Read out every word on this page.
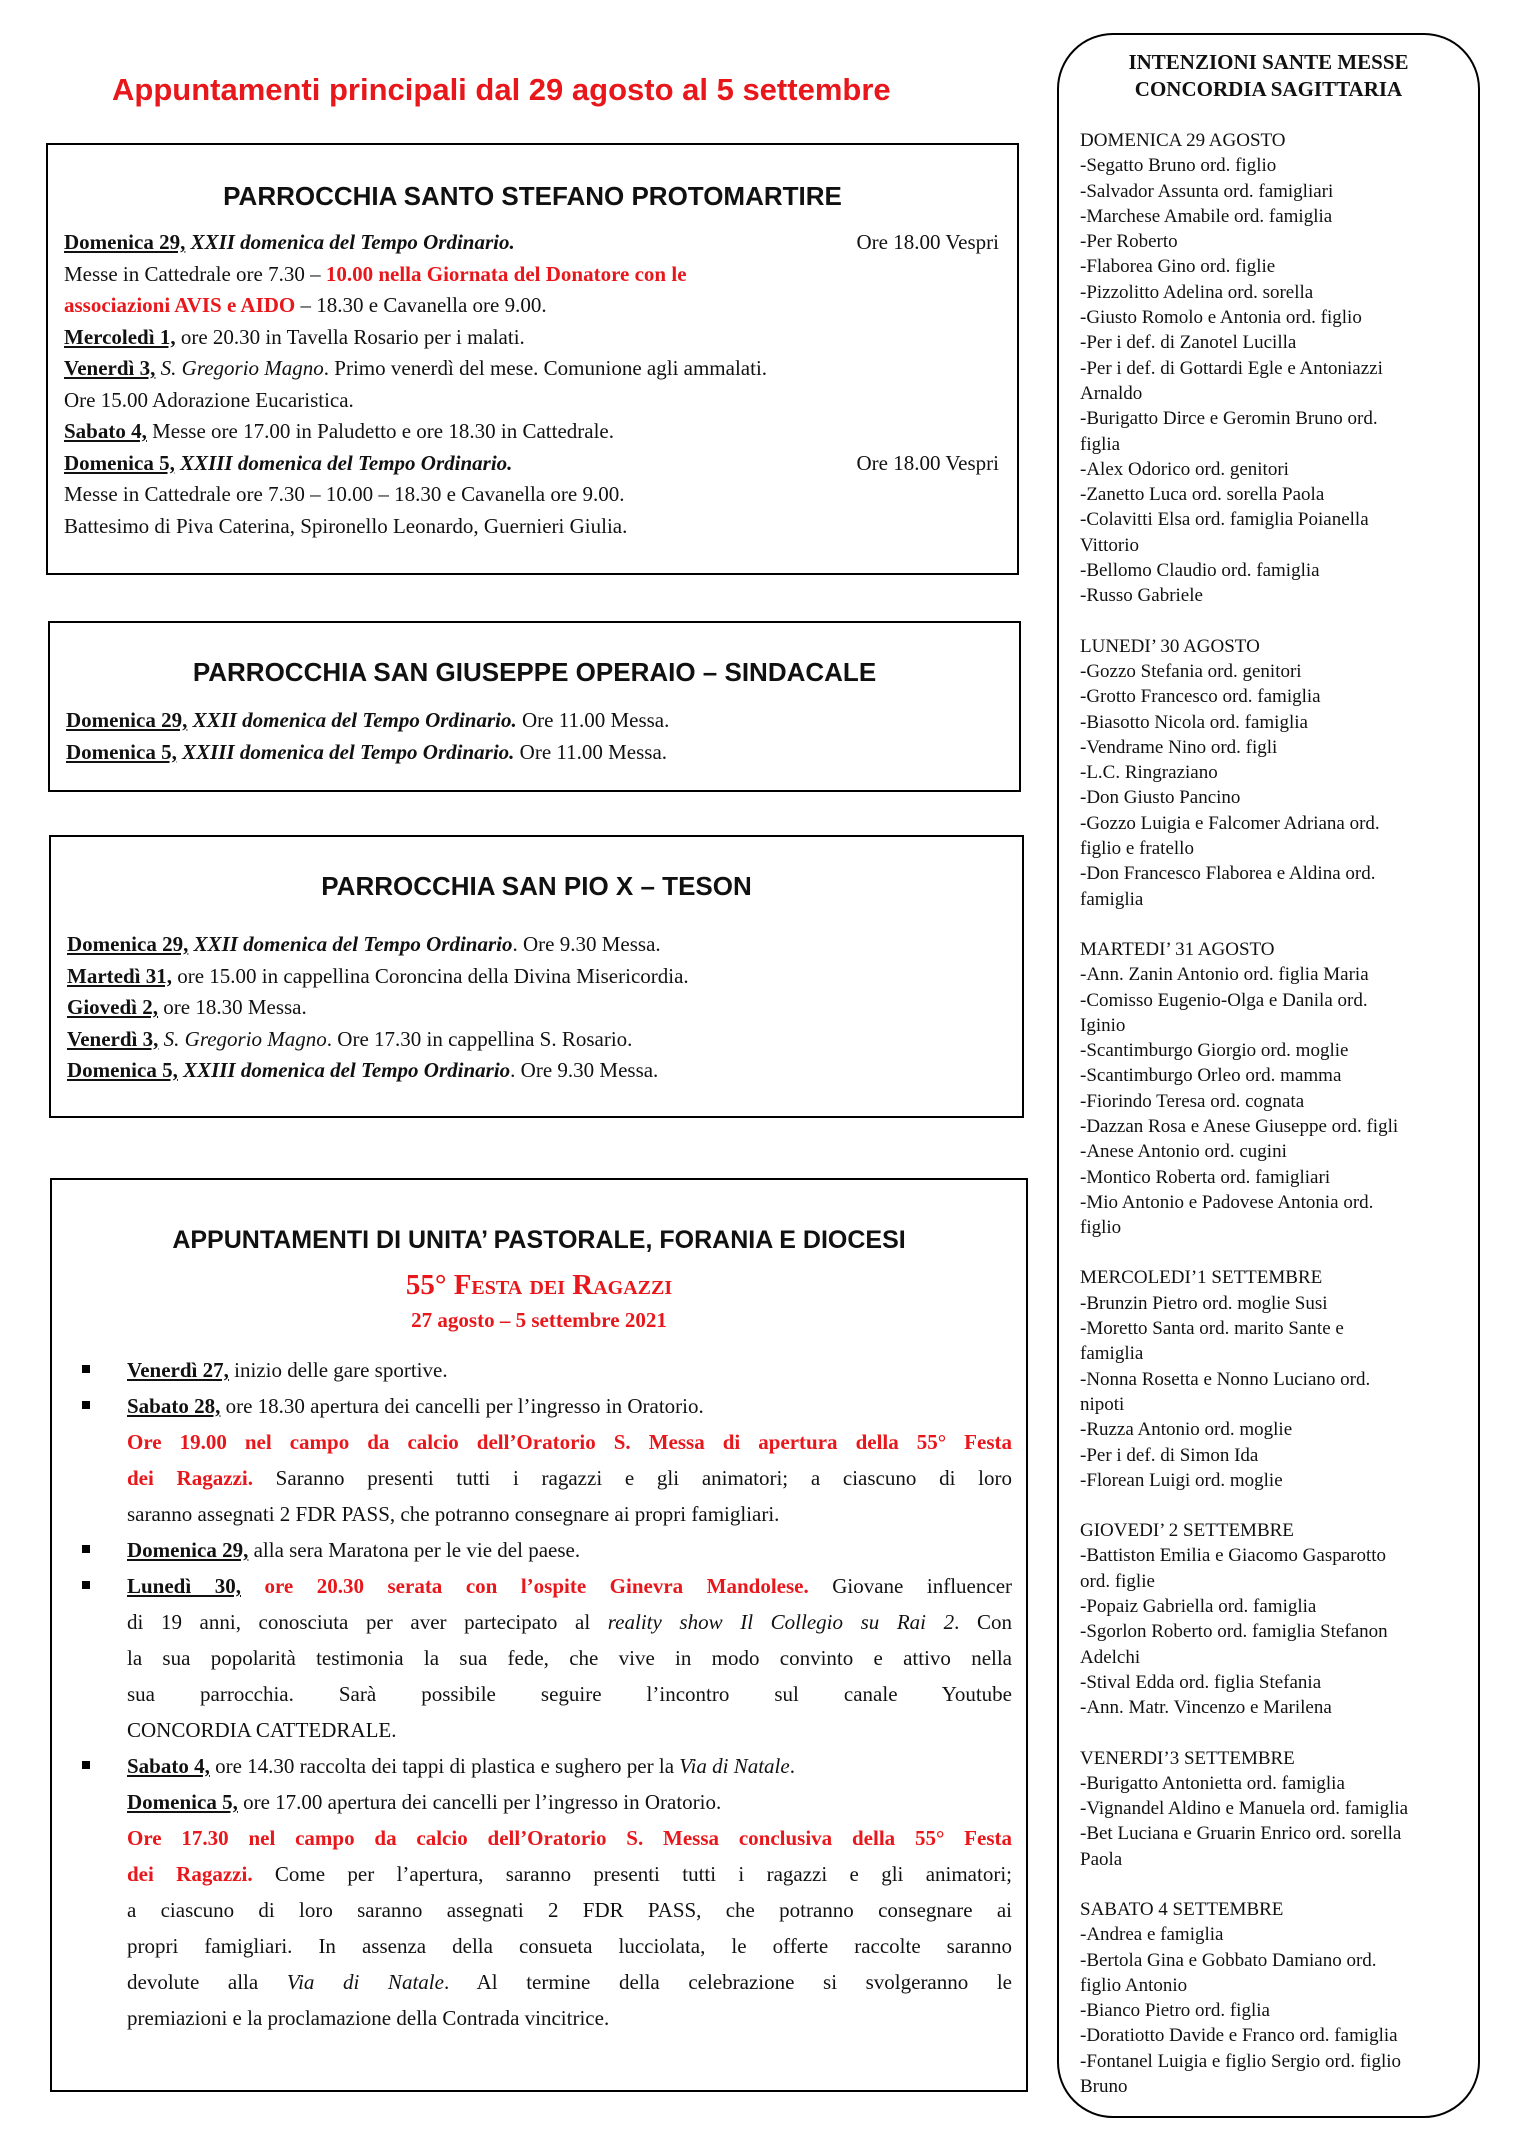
Appuntamenti principali dal 29 agosto al 5 settembre
PARROCCHIA SANTO STEFANO PROTOMARTIRE
Domenica 29, XXII domenica del Tempo Ordinario.	Ore 18.00 Vespri
Messe in Cattedrale ore 7.30 – 10.00 nella Giornata del Donatore con le
associazioni AVIS e AIDO – 18.30 e Cavanella ore 9.00.
Mercoledì 1, ore 20.30 in Tavella Rosario per i malati.
Venerdì 3, S. Gregorio Magno. Primo venerdì del mese. Comunione agli ammalati.
Ore 15.00 Adorazione Eucaristica.
Sabato 4, Messe ore 17.00 in Paludetto e ore 18.30 in Cattedrale.
Domenica 5, XXIII domenica del Tempo Ordinario.	Ore 18.00 Vespri
Messe in Cattedrale ore 7.30 – 10.00 – 18.30 e Cavanella ore 9.00.
Battesimo di Piva Caterina, Spironello Leonardo, Guernieri Giulia.
PARROCCHIA SAN GIUSEPPE OPERAIO – SINDACALE
Domenica 29, XXII domenica del Tempo Ordinario. Ore 11.00 Messa.
Domenica 5, XXIII domenica del Tempo Ordinario. Ore 11.00 Messa.
PARROCCHIA SAN PIO X – TESON
Domenica 29, XXII domenica del Tempo Ordinario. Ore 9.30 Messa.
Martedì 31, ore 15.00 in cappellina Coroncina della Divina Misericordia.
Giovedì 2, ore 18.30 Messa.
Venerdì 3, S. Gregorio Magno. Ore 17.30 in cappellina S. Rosario.
Domenica 5, XXIII domenica del Tempo Ordinario. Ore 9.30 Messa.
APPUNTAMENTI DI UNITA’ PASTORALE, FORANIA E DIOCESI
55° Festa dei Ragazzi
27 agosto – 5 settembre 2021
Venerdì 27, inizio delle gare sportive.
Sabato 28, ore 18.30 apertura dei cancelli per l’ingresso in Oratorio.
Ore 19.00 nel campo da calcio dell’Oratorio S. Messa di apertura della 55° Festa
dei Ragazzi. Saranno presenti tutti i ragazzi e gli animatori; a ciascuno di loro
saranno assegnati 2 FDR PASS, che potranno consegnare ai propri famigliari.
Domenica 29, alla sera Maratona per le vie del paese.
Lunedì 30, ore 20.30 serata con l’ospite Ginevra Mandolese. Giovane influencer
di 19 anni, conosciuta per aver partecipato al reality show Il Collegio su Rai 2. Con
la sua popolarità testimonia la sua fede, che vive in modo convinto e attivo nella
sua parrocchia. Sarà possibile seguire l’incontro sul canale Youtube
CONCORDIA CATTEDRALE.
Sabato 4, ore 14.30 raccolta dei tappi di plastica e sughero per la Via di Natale.
Domenica 5, ore 17.00 apertura dei cancelli per l’ingresso in Oratorio.
Ore 17.30 nel campo da calcio dell’Oratorio S. Messa conclusiva della 55° Festa
dei Ragazzi. Come per l’apertura, saranno presenti tutti i ragazzi e gli animatori;
a ciascuno di loro saranno assegnati 2 FDR PASS, che potranno consegnare ai
propri famigliari. In assenza della consueta lucciolata, le offerte raccolte saranno
devolute alla Via di Natale. Al termine della celebrazione si svolgeranno le
premiazioni e la proclamazione della Contrada vincitrice.
INTENZIONI SANTE MESSE
CONCORDIA SAGITTARIA
DOMENICA 29 AGOSTO
-Segatto Bruno ord. figlio
-Salvador Assunta ord. famigliari
-Marchese Amabile ord. famiglia
-Per Roberto
-Flaborea Gino ord. figlie
-Pizzolitto Adelina ord. sorella
-Giusto Romolo e Antonia ord. figlio
-Per i def. di Zanotel Lucilla
-Per i def. di Gottardi Egle e Antoniazzi
Arnaldo
-Burigatto Dirce e Geromin Bruno ord.
figlia
-Alex Odorico ord. genitori
-Zanetto Luca ord. sorella Paola
-Colavitti Elsa ord. famiglia Poianella
Vittorio
-Bellomo Claudio ord. famiglia
-Russo Gabriele
LUNEDI’ 30 AGOSTO
-Gozzo Stefania ord. genitori
-Grotto Francesco ord. famiglia
-Biasotto Nicola ord. famiglia
-Vendrame Nino ord. figli
-L.C. Ringraziano
-Don Giusto Pancino
-Gozzo Luigia e Falcomer Adriana ord.
figlio e fratello
-Don Francesco Flaborea e Aldina ord.
famiglia
MARTEDI’ 31 AGOSTO
-Ann. Zanin Antonio ord. figlia Maria
-Comisso Eugenio-Olga e Danila ord.
Iginio
-Scantimburgo Giorgio ord. moglie
-Scantimburgo Orleo ord. mamma
-Fiorindo Teresa ord. cognata
-Dazzan Rosa e Anese Giuseppe ord. figli
-Anese Antonio ord. cugini
-Montico Roberta ord. famigliari
-Mio Antonio e Padovese Antonia ord.
figlio
MERCOLEDI’1 SETTEMBRE
-Brunzin Pietro ord. moglie Susi
-Moretto Santa ord. marito Sante e
famiglia
-Nonna Rosetta e Nonno Luciano ord.
nipoti
-Ruzza Antonio ord. moglie
-Per i def. di Simon Ida
-Florean Luigi ord. moglie
GIOVEDI’ 2 SETTEMBRE
-Battiston Emilia e Giacomo Gasparotto
ord. figlie
-Popaiz Gabriella ord. famiglia
-Sgorlon Roberto ord. famiglia Stefanon
Adelchi
-Stival Edda ord. figlia Stefania
-Ann. Matr. Vincenzo e Marilena
VENERDI’3 SETTEMBRE
-Burigatto Antonietta ord. famiglia
-Vignandel Aldino e Manuela ord. famiglia
-Bet Luciana e Gruarin Enrico ord. sorella
Paola
SABATO 4 SETTEMBRE
-Andrea e famiglia
-Bertola Gina e Gobbato Damiano ord.
figlio Antonio
-Bianco Pietro ord. figlia
-Doratiotto Davide e Franco ord. famiglia
-Fontanel Luigia e figlio Sergio ord. figlio
Bruno
